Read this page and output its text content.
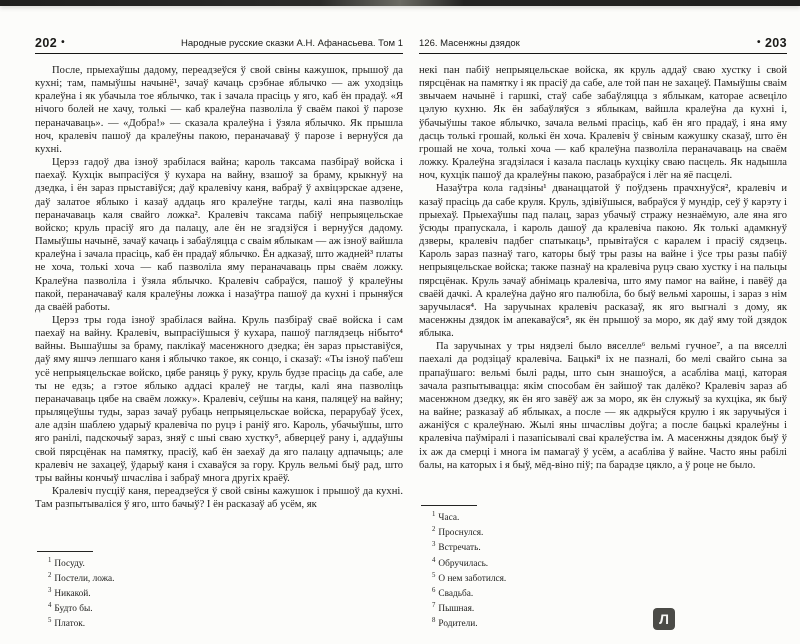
202 •	Народные русские сказки А.Н. Афанасьева. Том 1

После, прыехаўшы дадому, переадзеўся ў свой свіны кажушок, прышоў да кухні; там, памыўшы начынё¹, зачаў качаць срэбнае яблычко — аж уходзіць кралеўна і як убачыла тое яблычко, так і зачала прасіць у яго, каб ён прадаў. «Я нічого болей не хачу, толькі — каб кралеўна пазволіла ў сваём пакоі ў парозе пераначаваць». — «Добра!» — сказала кралеўна і ўзяла яблычко. Як прышла ноч, кралевіч пашоў да кралеўны пакою, пераначаваў ў парозе і вернуўся да кухні.

Церэз гадоў два ізноў зрабілася вайна; кароль таксама пазбіраў войска і паехаў. Кухцік выпрасіўся ў кухара на вайну, взашоў за браму, крыкнуў на дзедка, і ён зараз прыставіўся; даў кралевічу каня, вабраў ў ахвіцэрскае адзене, даў залатое яблыко і казаў аддаць яго кралеўне тагды, калі яна пазволіць пераначаваць каля свайго ложка². Кралевіч таксама пабіў непрыяцельскае войско; круль прасіў яго да палацу, але ён не згадзіўся і вернуўся дадому. Памыўшы начынё, зачаў качаць і забаўляцца с сваім яблыкам — аж ізноў вайшла кралеўна і зачала прасіць, каб ён прадаў яблычко. Ён адказаў, што жадней³ платы не хоча, толькі хоча — каб пазволіла яму пераначаваць пры сваём ложку. Кралеўна пазволіла і ўзяла яблычко. Кралевіч сабраўся, пашоў ў кралеўны пакой, пераначаваў каля кралеўны ложка і назаўтра пашоў да кухні і прыняўся да сваёй работы.

Церэз тры года ізноў зрабілася вайна. Круль пазбіраў сваё войска і сам паехаў на вайну. Кралевіч, выпрасіўшыся ў кухара, пашоў паглядзець нібыто⁴ вайны. Вышаўшы за браму, паклікаў масенжного дзедка; ён зараз прыставіўся, даў яму яшчэ лепшаго каня і яблычко такое, як сонцо, і сказаў: «Ты ізноў паб'еш усё непрыяцельскае войско, цябе раняць ў руку, круль будзе прасіць да сабе, але ты не едзь; а гэтое яблыко аддасі кралеў не тагды, калі яна пазволіць пераначаваць цябе на сваём ложку». Кралевіч, сеўшы на каня, паляцеў на вайну; прыляцеўшы туды, зараз зачаў рубаць непрыяцельскае войска, перарубаў ўсех, але адзін шаблею ударыў кралевіча по руцэ і раніў яго. Кароль, убачыўшы, што яго ранілі, падскочыў зараз, зняў с шыі сваю хустку⁵, абверцеў рану і, аддаўшы свой пярсцёнак на памятку, прасіў, каб ён заехаў да яго палацу адпачыць; але кралевіч не захацеў, ўдарыў каня і схаваўся за гору. Круль вельмі быў рад, што тры вайны кончыў шчасліва і забраў многа другіх краёў.

Кралевіч пусціў каня, переадзеўся ў свой свіны кажушок і прышоў да кухні. Там разпытываліся ў яго, што бачыў? І ён расказаў аб усём, як

$^1$ Посуду.
$^2$ Постели, ложа.
$^3$ Никакой.
$^4$ Будто бы.
$^5$ Платок.
126. Масенжны дзядок	• 203

некі пан пабіў непрыяцельскае войска, як круль аддаў сваю хустку і свой пярсцёнак на памятку і як прасіў да сабе, але той пан не захацеў. Памыўшы сваім звычаем начынё і гаршкі, стаў сабе забаўляцца з яблыкам, каторае асвеціло цэлую кухню. Як ён забаўляўся з яблыкам, вайшла кралеўна да кухні і, ўбачыўшы такое яблычко, зачала вельмі прасіць, каб ён яго прадаў, і яна яму дасць толькі грошай, колькі ён хоча. Кралевіч ў свіным кажушку сказаў, што ён грошай не хоча, толькі хоча — каб кралеўна пазволіла пераначаваць на сваём ложку. Кралеўна згадзілася і казала паслаць кухціку сваю пасцель. Як надышла ноч, кухцік пашоў да кралеўны пакою, разабраўся і лёг на яё пасцелі.

Назаўтра кола гадзіны¹ дванаццатой ў поўдзень прачхнуўся², кралевіч и казаў прасіць да сабе круля. Круль, здівіўшыся, вабраўся ў мундір, сеў ў карэту і прыехаў. Прыехаўшы пад палац, зараз убачыў стражу незнаёмую, але яна яго ўсюды прапускала, і кароль дашоў да кралевіча пакою. Як толькі адамкнуў дзверы, кралевіч падбег спатыкаць³, прывітаўся с каралем і прасіў сядзець. Кароль зараз пазнаў таго, каторы быў тры разы на вайне і ўсе тры разы пабіў непрыяцельскае войска; также пазнаў на кралевіча руцэ сваю хустку і на пальцы пярсцёнак. Круль зачаў абнімаць кралевіча, што яму памог на вайне, і павёў да сваёй дачкі. А кралеўна даўно яго палюбіла, бо быў вельмі харошы, і зараз з нім заручылася⁴. На заручынах кралевіч расказаў, як яго выгналі з дому, як масенжны дзядок ім апекаваўся⁵, як ён прышоў за моро, як даў яму той дзядок яблыка.

Па заручынах у тры нядзелі было вяселле⁶ вельмі гучное⁷, а па вяселлі паехалі да родзіцаў кралевіча. Бацькі⁸ іх не пазналі, бо мелі свайго сына за прапаўшаго: вельмі былі рады, што сын знашоўся, а асабліва маці, каторая зачала разпытывацца: якім способам ён зайшоў так далёко? Кралевіч зараз аб масенжном дзедку, як ён яго завёў аж за моро, як ён служыў за кухціка, як быў на вайне; разказаў аб яблыках, а после — як адкрыўся крулю і як заручыўся і ажаніўся с кралеўнаю. Жылі яны шчаслівы доўга; а после бацькі кралеўны і кралевіча паўміралі і пазапісывалі сваі кралеўства ім. А масенжны дзядок быў ў іх аж да смерці і многа ім памагаў ў усём, а асабліва ў вайне. Часто яны рабілі балы, на каторых і я быў, мёд-віно піў; па барадзе цякло, а ў роце не было.

$^1$ Часа.
$^2$ Проснулся.
$^3$ Встречать.
$^4$ Обручилась.
$^5$ О нем заботился.
$^6$ Свадьба.
$^7$ Пышная.
$^8$ Родители.	Л
